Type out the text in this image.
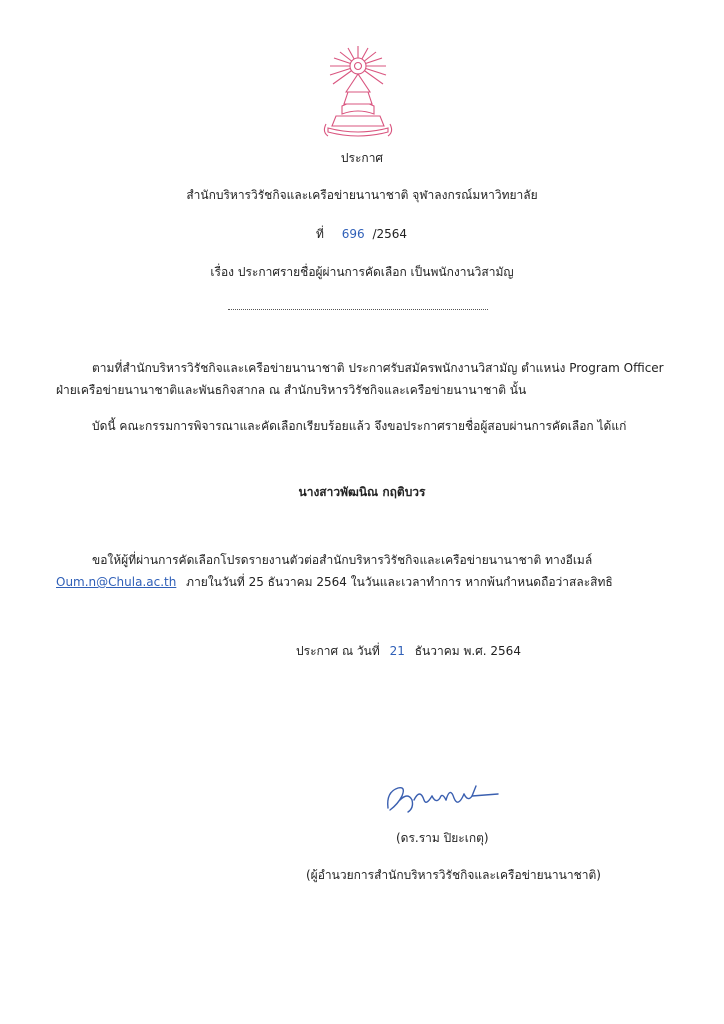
ประกาศ
สำนักบริหารวิรัชกิจและเครือข่ายนานาชาติ จุฬาลงกรณ์มหาวิทยาลัย
ที่ 696 /2564
เรื่อง ประกาศรายชื่อผู้ผ่านการคัดเลือก เป็นพนักงานวิสามัญ
ตามที่สำนักบริหารวิรัชกิจและเครือข่ายนานาชาติ ประกาศรับสมัครพนักงานวิสามัญ ตำแหน่ง Program Officer
ฝ่ายเครือข่ายนานาชาติและพันธกิจสากล ณ สำนักบริหารวิรัชกิจและเครือข่ายนานาชาติ นั้น
บัดนี้ คณะกรรมการพิจารณาและคัดเลือกเรียบร้อยแล้ว จึงขอประกาศรายชื่อผู้สอบผ่านการคัดเลือก ได้แก่
นางสาวพัฒนิณ กฤติบวร
ขอให้ผู้ที่ผ่านการคัดเลือกโปรดรายงานตัวต่อสำนักบริหารวิรัชกิจและเครือข่ายนานาชาติ ทางอีเมล์
Oum.n@Chula.ac.th ภายในวันที่ 25 ธันวาคม 2564 ในวันและเวลาทำการ หากพ้นกำหนดถือว่าสละสิทธิ
ประกาศ ณ วันที่ 21 ธันวาคม พ.ศ. 2564
(ดร.ราม ปิยะเกตุ)
(ผู้อำนวยการสำนักบริหารวิรัชกิจและเครือข่ายนานาชาติ)
